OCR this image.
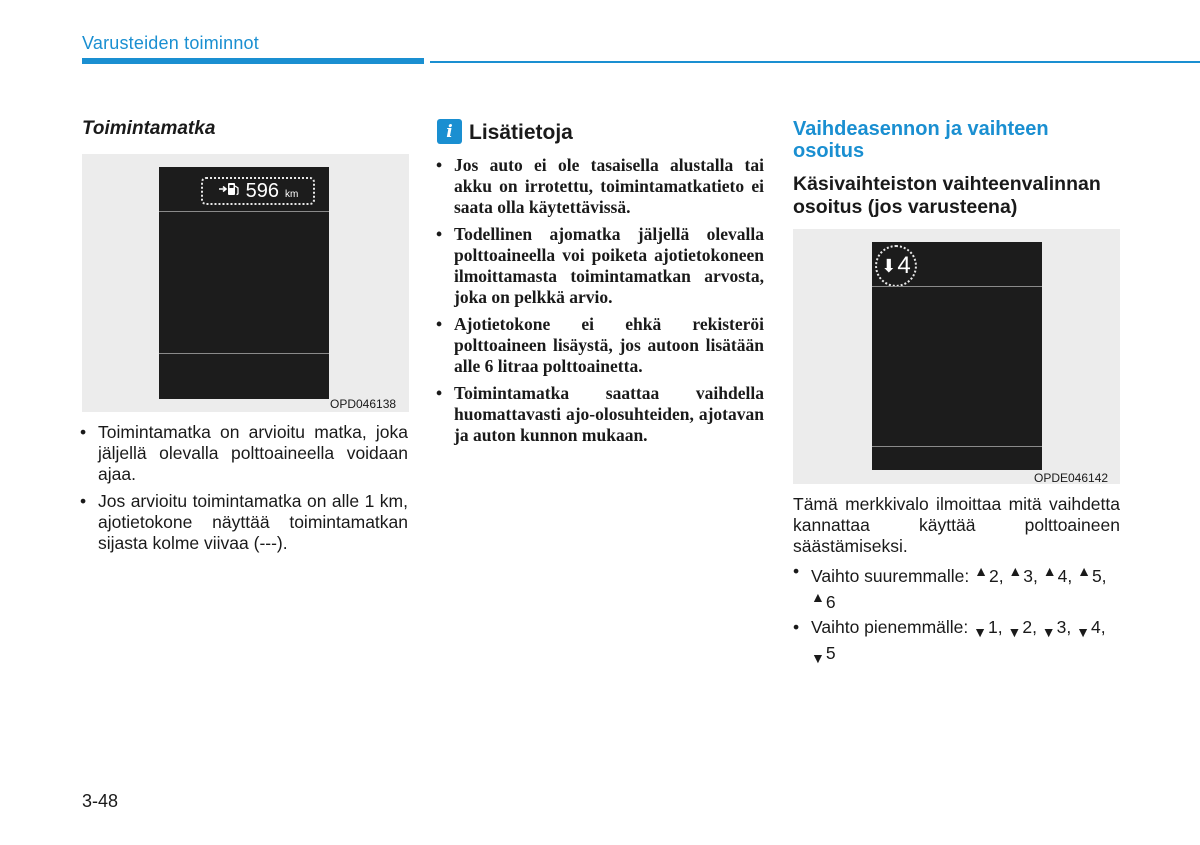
Varusteiden toiminnot
Toimintamatka
596 km
OPD046138
• Toimintamatka on arvioitu matka, joka jäljellä olevalla polttoaineella voidaan ajaa.
• Jos arvioitu toimintamatka on alle 1 km, ajotietokone näyttää toimintamatkan sijasta kolme viivaa (---).
i Lisätietoja
• Jos auto ei ole tasaisella alustalla tai akku on irrotettu, toimintamatkatieto ei saata olla käytettävissä.
• Todellinen ajomatka jäljellä olevalla polttoaineella voi poiketa ajotietokoneen ilmoittamasta toimintamatkan arvosta, joka on pelkkä arvio.
• Ajotietokone ei ehkä rekisteröi polttoaineen lisäystä, jos autoon lisätään alle 6 litraa polttoainetta.
• Toimintamatka saattaa vaihdella huomattavasti ajo-olosuhteiden, ajotavan ja auton kunnon mukaan.
Vaihdeasennon ja vaihteen osoitus
Käsivaihteiston vaihteenvalinnan osoitus (jos varusteena)
⬇ 4
OPDE046142
Tämä merkkivalo ilmoittaa mitä vaihdetta kannattaa käyttää polttoaineen säästämiseksi.
• Vaihto suuremmalle: ▲2, ▲3, ▲4, ▲5, ▲6
• Vaihto pienemmälle: ▼1, ▼2, ▼3, ▼4, ▼5
3-48
